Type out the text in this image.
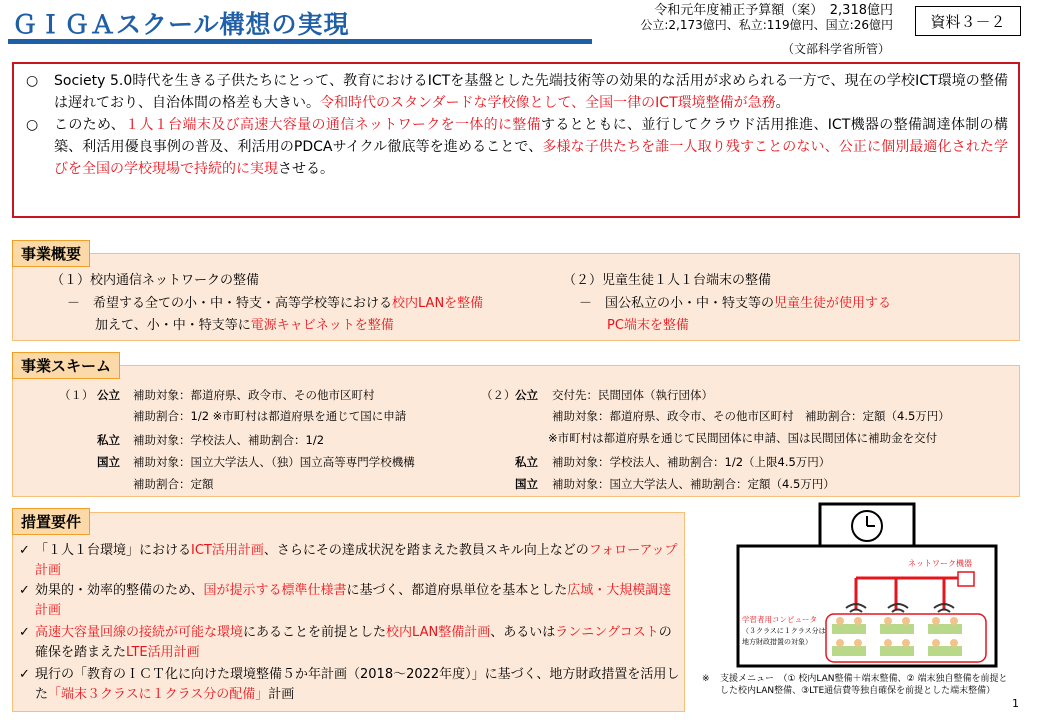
ＧＩＧＡスクール構想の実現	令和元年度補正予算額（案）　2,318億円
公立:2,173億円、私立:119億円、国立:26億円
（文部科学省所管）
資料３－２
○ Society 5.0時代を生きる子供たちにとって、教育におけるICTを基盤とした先端技術等の効果的な活用が求められる一方で、現在の学校ICT環境の整備は遅れており、自治体間の格差も大きい。令和時代のスタンダードな学校像として、全国一律のICT環境整備が急務。
○ このため、１人１台端末及び高速大容量の通信ネットワークを一体的に整備するとともに、並行してクラウド活用推進、ICT機器の整備調達体制の構築、利活用優良事例の普及、利活用のPDCAサイクル徹底等を進めることで、多様な子供たちを誰一人取り残すことのない、公正に個別最適化された学びを全国の学校現場で持続的に実現させる。
事業概要
（１）校内通信ネットワークの整備
－　希望する全ての小・中・特支・高等学校等における校内LANを整備
加えて、小・中・特支等に電源キャビネットを整備
（２）児童生徒１人１台端末の整備
－　国公私立の小・中・特支等の児童生徒が使用する
PC端末を整備
事業スキーム
（１） 公立 補助対象：都道府県、政令市、その他市区町村
補助割合：1/2 ※市町村は都道府県を通じて国に申請
私立 補助対象：学校法人、補助割合：1/2
国立 補助対象：国立大学法人、（独）国立高等専門学校機構
補助割合：定額
（２） 公立 交付先：民間団体（執行団体）
補助対象：都道府県、政令市、その他市区町村　補助割合：定額（4.5万円）
※市町村は都道府県を通じて民間団体に申請、国は民間団体に補助金を交付
私立 補助対象：学校法人、補助割合：1/2（上限4.5万円）
国立 補助対象：国立大学法人、補助割合：定額（4.5万円）
措置要件
✓ 「１人１台環境」におけるICT活用計画、さらにその達成状況を踏まえた教員スキル向上などのフォローアップ計画
✓ 効果的・効率的整備のため、国が提示する標準仕様書に基づく、都道府県単位を基本とした広域・大規模調達計画
✓ 高速大容量回線の接続が可能な環境にあることを前提とした校内LAN整備計画、あるいはランニングコストの確保を踏まえたLTE活用計画
✓ 現行の「教育のＩＣＴ化に向けた環境整備５か年計画（2018～2022年度）」に基づく、地方財政措置を活用した「端末３クラスに１クラス分の配備」計画
ネットワーク機器
学習者用コンピュータ
（３クラスに１クラス分は
地方財政措置の対象）
※ 支援メニュー　（① 校内LAN整備＋端末整備、② 端末独自整備を前提とした校内LAN整備、③LTE通信費等独自確保を前提とした端末整備）
1
